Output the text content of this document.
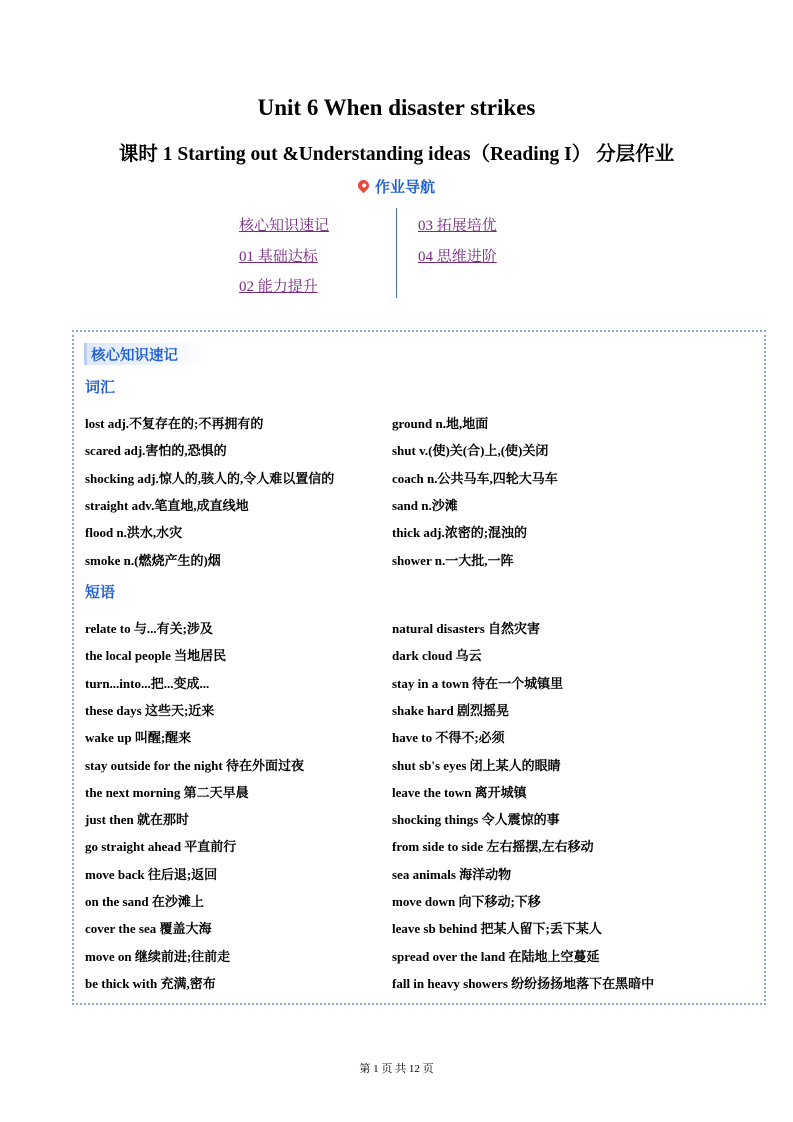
Unit 6 When disaster strikes
课时 1 Starting out &Understanding ideas（Reading I） 分层作业
作业导航
核心知识速记
01 基础达标
02 能力提升
03 拓展培优
04 思维进阶
核心知识速记
词汇
lost adj.不复存在的;不再拥有的	ground n.地,地面
scared adj.害怕的,恐惧的	shut v.(使)关(合)上,(使)关闭
shocking adj.惊人的,骇人的,令人难以置信的	coach n.公共马车,四轮大马车
straight adv.笔直地,成直线地	sand n.沙滩
flood n.洪水,水灾	thick adj.浓密的;混浊的
smoke n.(燃烧产生的)烟	shower n.一大批,一阵
短语
relate to 与...有关;涉及	natural disasters 自然灾害
the local people 当地居民	dark cloud 乌云
turn...into...把...变成...	stay in a town 待在一个城镇里
these days 这些天;近来	shake hard 剧烈摇晃
wake up 叫醒;醒来	have to 不得不;必须
stay outside for the night 待在外面过夜	shut sb's eyes 闭上某人的眼睛
the next morning 第二天早晨	leave the town 离开城镇
just then 就在那时	shocking things 令人震惊的事
go straight ahead 平直前行	from side to side 左右摇摆,左右移动
move back 往后退;返回	sea animals 海洋动物
on the sand 在沙滩上	move down 向下移动;下移
cover the sea 覆盖大海	leave sb behind 把某人留下;丢下某人
move on 继续前进;往前走	spread over the land 在陆地上空蔓延
be thick with 充满,密布	fall in heavy showers 纷纷扬扬地落下在黑暗中
第 1 页 共 12 页
